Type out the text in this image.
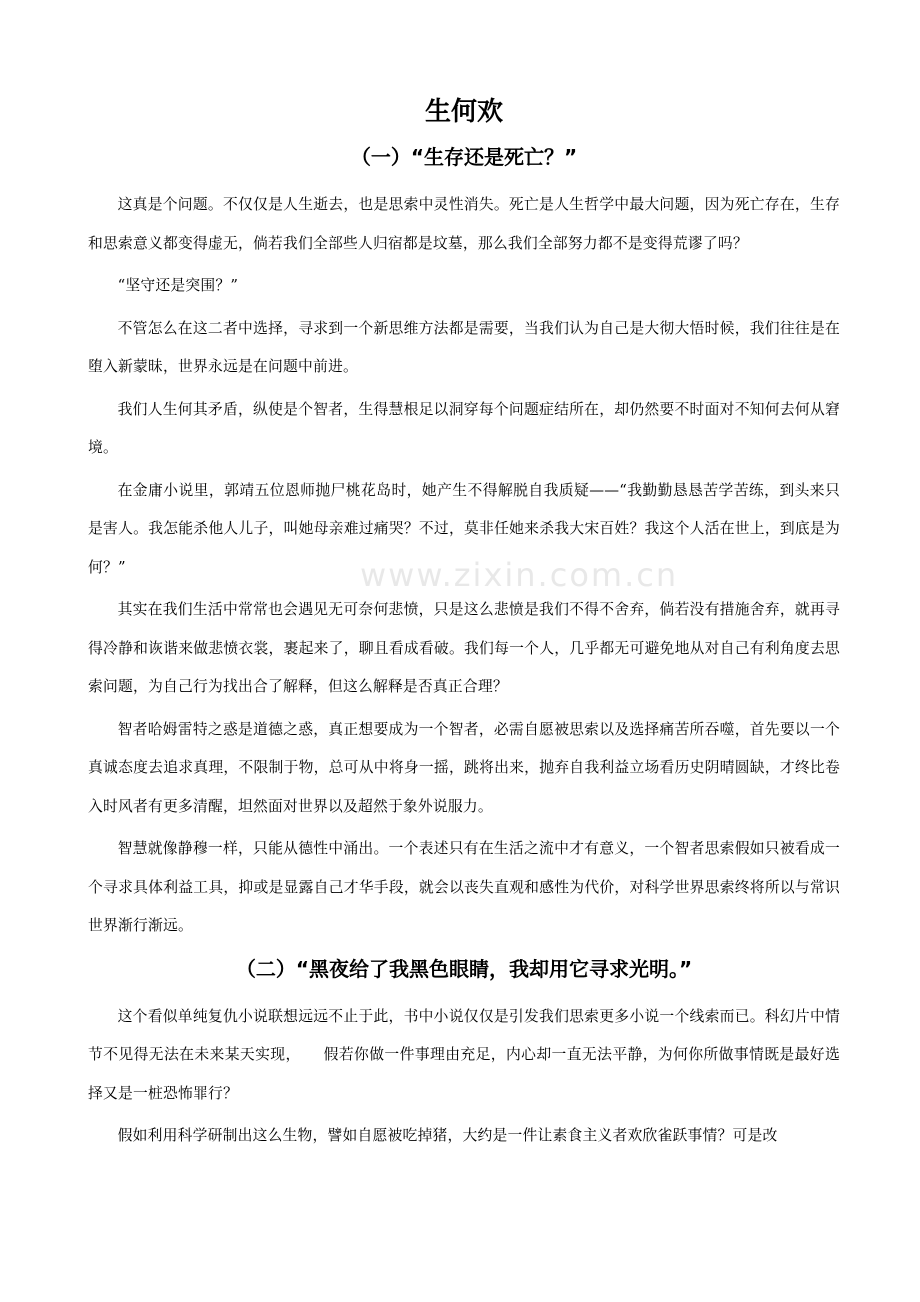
www.zixin.com.cn
生何欢
（一）“生存还是死亡？”

这真是个问题。不仅仅是人生逝去，也是思索中灵性消失。死亡是人生哲学中最大问题，因为死亡存在，生存和思索意义都变得虚无，倘若我们全部些人归宿都是坟墓，那么我们全部努力都不是变得荒谬了吗？

“坚守还是突围？”

不管怎么在这二者中选择，寻求到一个新思维方法都是需要，当我们认为自己是大彻大悟时候，我们往往是在堕入新蒙昧，世界永远是在问题中前进。

我们人生何其矛盾，纵使是个智者，生得慧根足以洞穿每个问题症结所在，却仍然要不时面对不知何去何从窘境。

在金庸小说里，郭靖五位恩师抛尸桃花岛时，她产生不得解脱自我质疑——“我勤勤恳恳苦学苦练，到头来只是害人。我怎能杀他人儿子，叫她母亲难过痛哭？不过，莫非任她来杀我大宋百姓？我这个人活在世上，到底是为何？”

其实在我们生活中常常也会遇见无可奈何悲愤，只是这么悲愤是我们不得不舍弃，倘若没有措施舍弃，就再寻得冷静和诙谐来做悲愤衣裳，裹起来了，聊且看成看破。我们每一个人，几乎都无可避免地从对自己有利角度去思索问题，为自己行为找出合了解释，但这么解释是否真正合理？

智者哈姆雷特之惑是道德之惑，真正想要成为一个智者，必需自愿被思索以及选择痛苦所吞噬，首先要以一个真诚态度去追求真理，不限制于物，总可从中将身一摇，跳将出来，抛弃自我利益立场看历史阴晴圆缺，才终比卷入时风者有更多清醒，坦然面对世界以及超然于象外说服力。

智慧就像静穆一样，只能从德性中涌出。一个表述只有在生活之流中才有意义，一个智者思索假如只被看成一个寻求具体利益工具，抑或是显露自己才华手段，就会以丧失直观和感性为代价，对科学世界思索终将所以与常识世界渐行渐远。

（二）“黑夜给了我黑色眼睛，我却用它寻求光明。”

这个看似单纯复仇小说联想远远不止于此，书中小说仅仅是引发我们思索更多小说一个线索而已。科幻片中情节不见得无法在未来某天实现，　　假若你做一件事理由充足，内心却一直无法平静，为何你所做事情既是最好选择又是一桩恐怖罪行？

假如利用科学研制出这么生物，譬如自愿被吃掉猪，大约是一件让素食主义者欢欣雀跃事情？可是改
